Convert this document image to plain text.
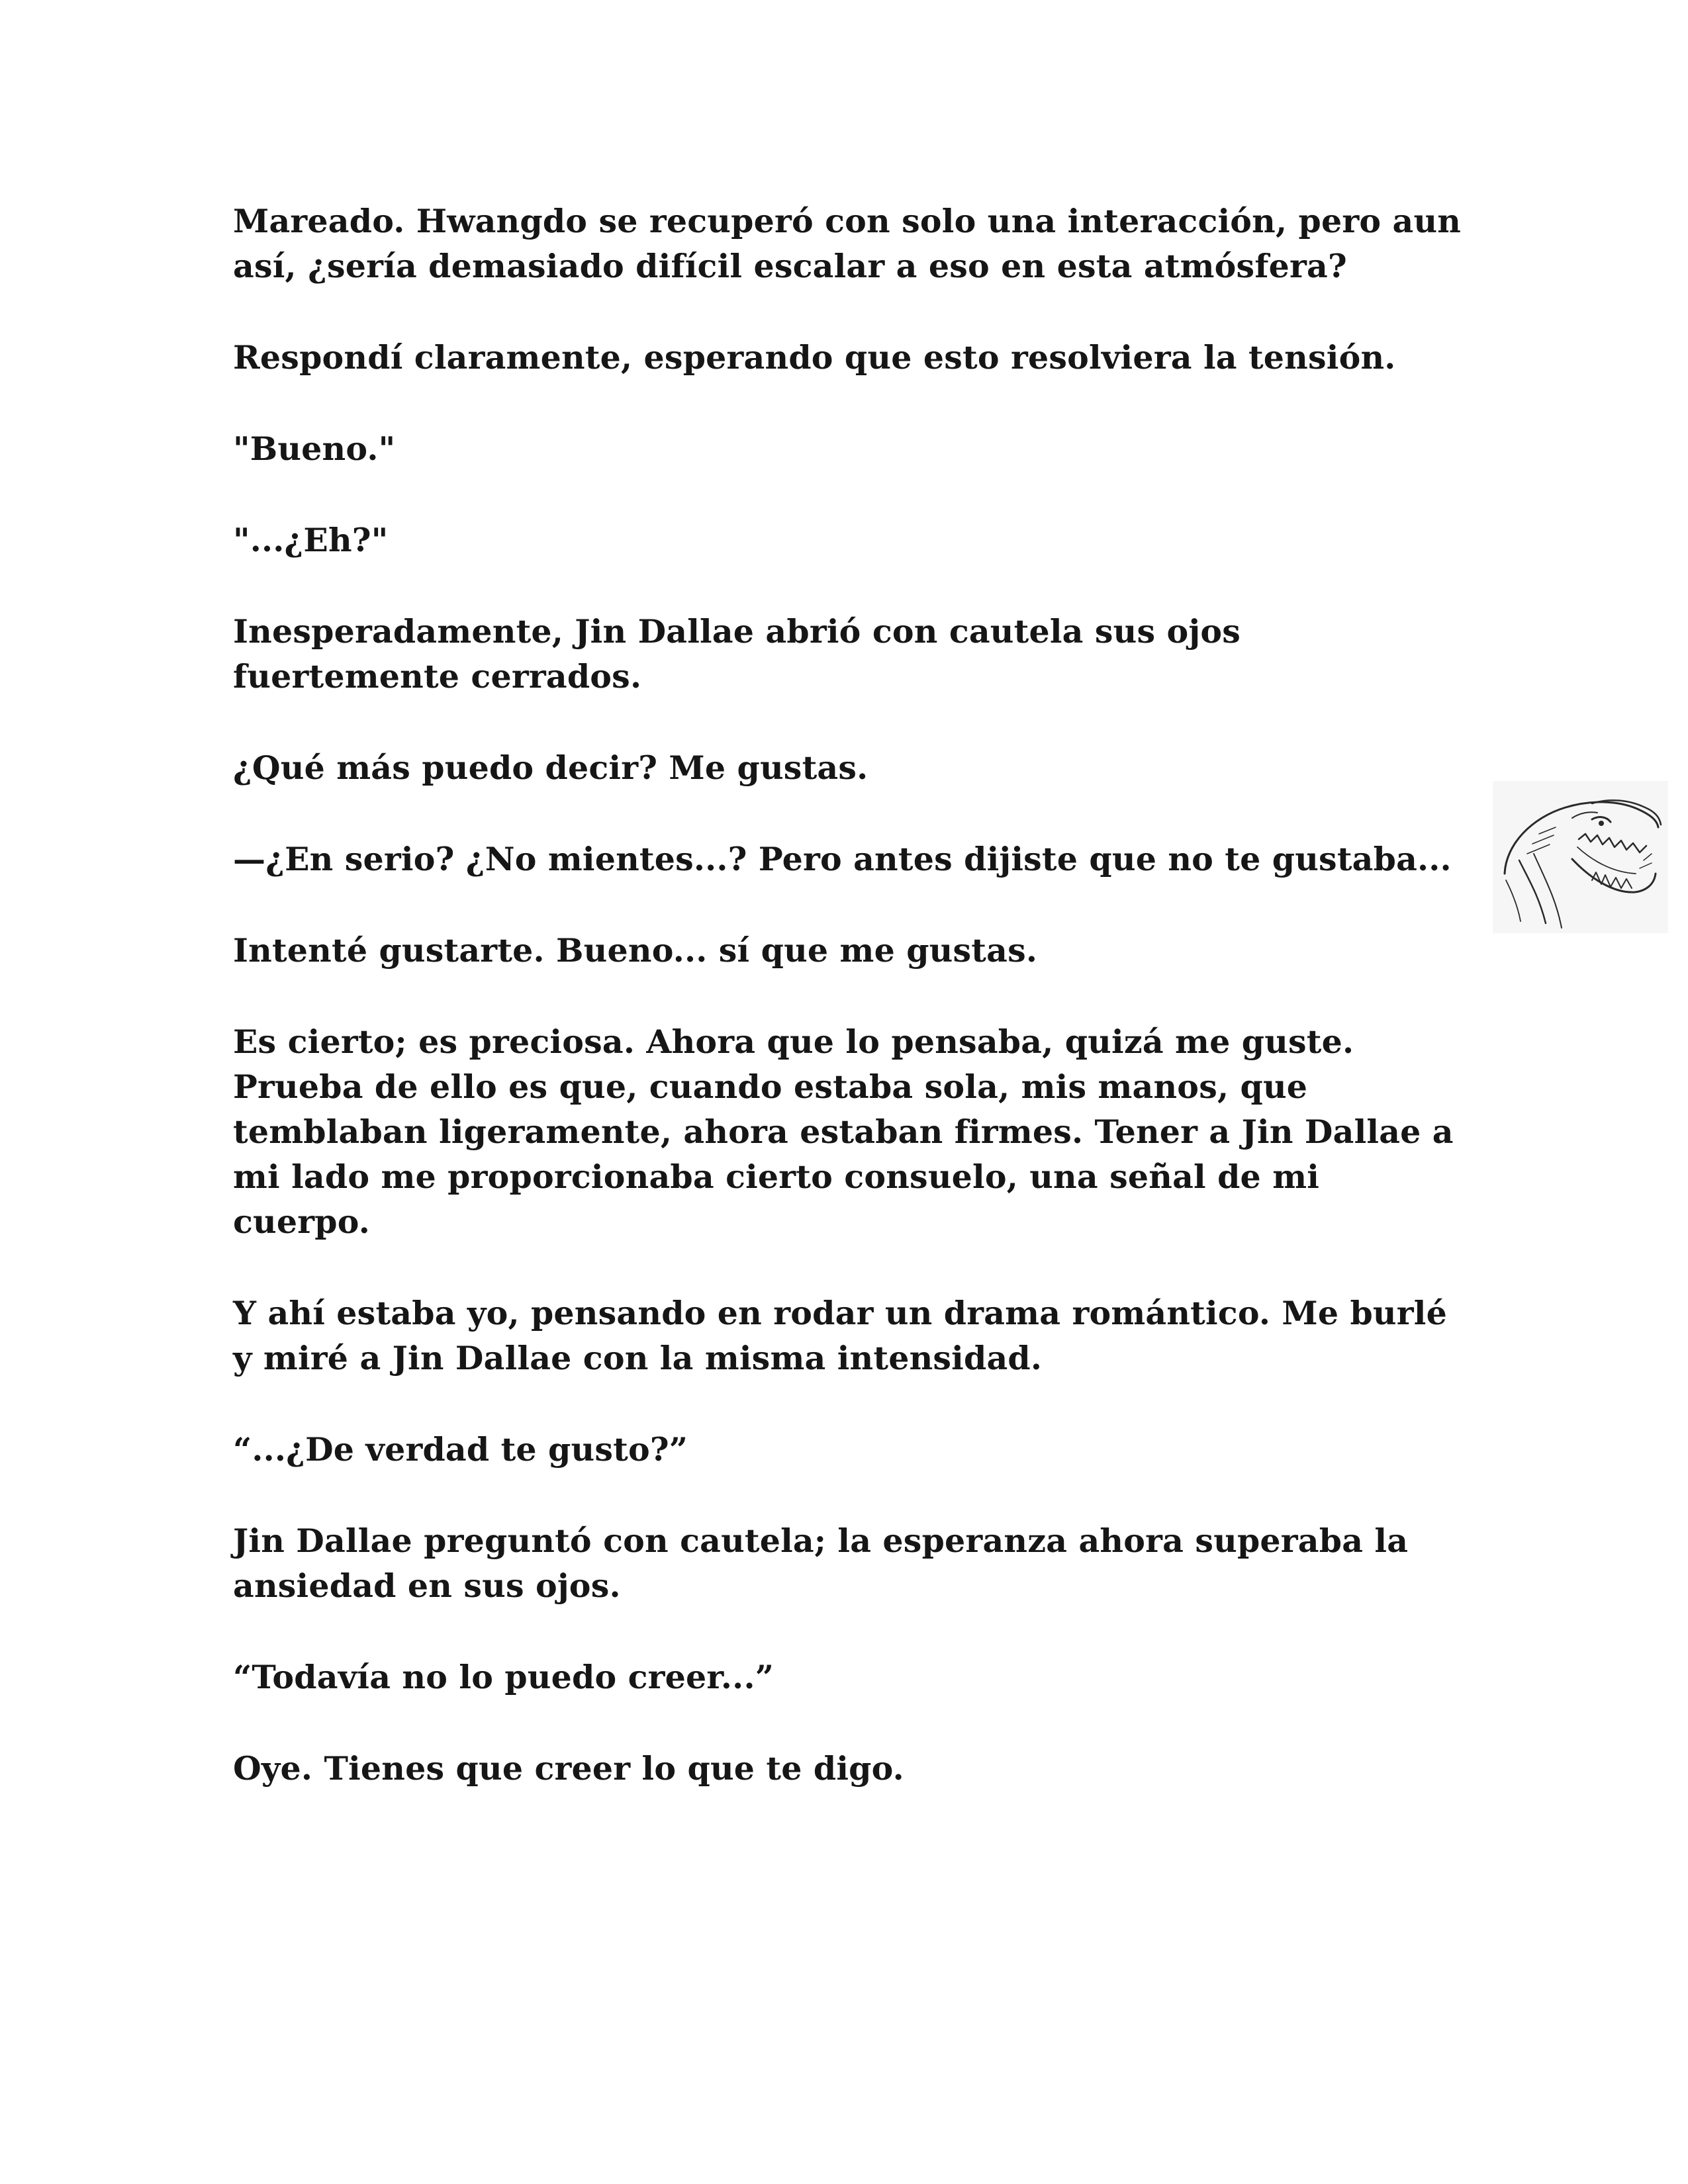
Mareado. Hwangdo se recuperó con solo una interacción, pero aun así, ¿sería demasiado difícil escalar a eso en esta atmósfera?

Respondí claramente, esperando que esto resolviera la tensión.

"Bueno."

"...¿Eh?"

Inesperadamente, Jin Dallae abrió con cautela sus ojos fuertemente cerrados.

¿Qué más puedo decir? Me gustas.

—¿En serio? ¿No mientes...? Pero antes dijiste que no te gustaba...

Intenté gustarte. Bueno... sí que me gustas.

Es cierto; es preciosa. Ahora que lo pensaba, quizá me guste. Prueba de ello es que, cuando estaba sola, mis manos, que temblaban ligeramente, ahora estaban firmes. Tener a Jin Dallae a mi lado me proporcionaba cierto consuelo, una señal de mi cuerpo.

Y ahí estaba yo, pensando en rodar un drama romántico. Me burlé y miré a Jin Dallae con la misma intensidad.

“...¿De verdad te gusto?”

Jin Dallae preguntó con cautela; la esperanza ahora superaba la ansiedad en sus ojos.

“Todavía no lo puedo creer...”

Oye. Tienes que creer lo que te digo.
